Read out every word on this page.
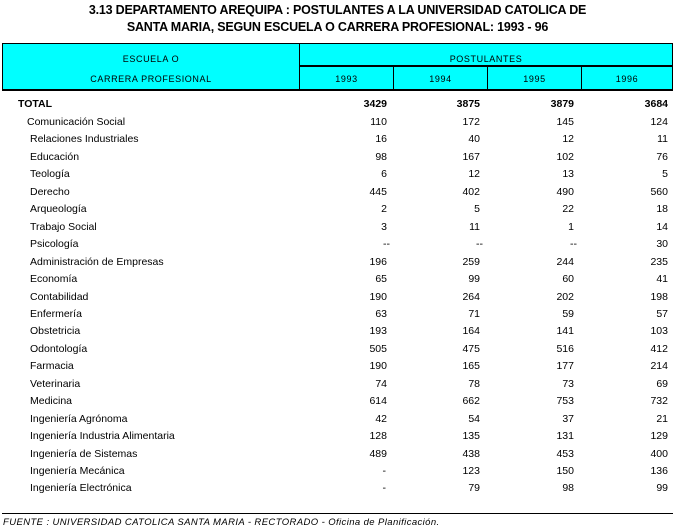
3.13 DEPARTAMENTO AREQUIPA : POSTULANTES A LA UNIVERSIDAD CATOLICA DE
SANTA MARIA, SEGUN ESCUELA O CARRERA PROFESIONAL: 1993 - 96
ESCUELA O
CARRERA PROFESIONAL
POSTULANTES
1993	1994	1995	1996
TOTAL	3429	3875	3879	3684
Comunicación Social	110	172	145	124
Relaciones Industriales	16	40	12	11
Educación	98	167	102	76
Teología	6	12	13	5
Derecho	445	402	490	560
Arqueología	2	5	22	18
Trabajo Social	3	11	1	14
Psicología	--	--	--	30
Administración de Empresas	196	259	244	235
Economía	65	99	60	41
Contabilidad	190	264	202	198
Enfermería	63	71	59	57
Obstetricia	193	164	141	103
Odontología	505	475	516	412
Farmacia	190	165	177	214
Veterinaria	74	78	73	69
Medicina	614	662	753	732
Ingeniería Agrónoma	42	54	37	21
Ingeniería Industria Alimentaria	128	135	131	129
Ingeniería de Sistemas	489	438	453	400
Ingeniería Mecánica	-	123	150	136
Ingeniería Electrónica	-	79	98	99
FUENTE : UNIVERSIDAD CATOLICA SANTA MARIA - RECTORADO - Oficina de Planificación.
